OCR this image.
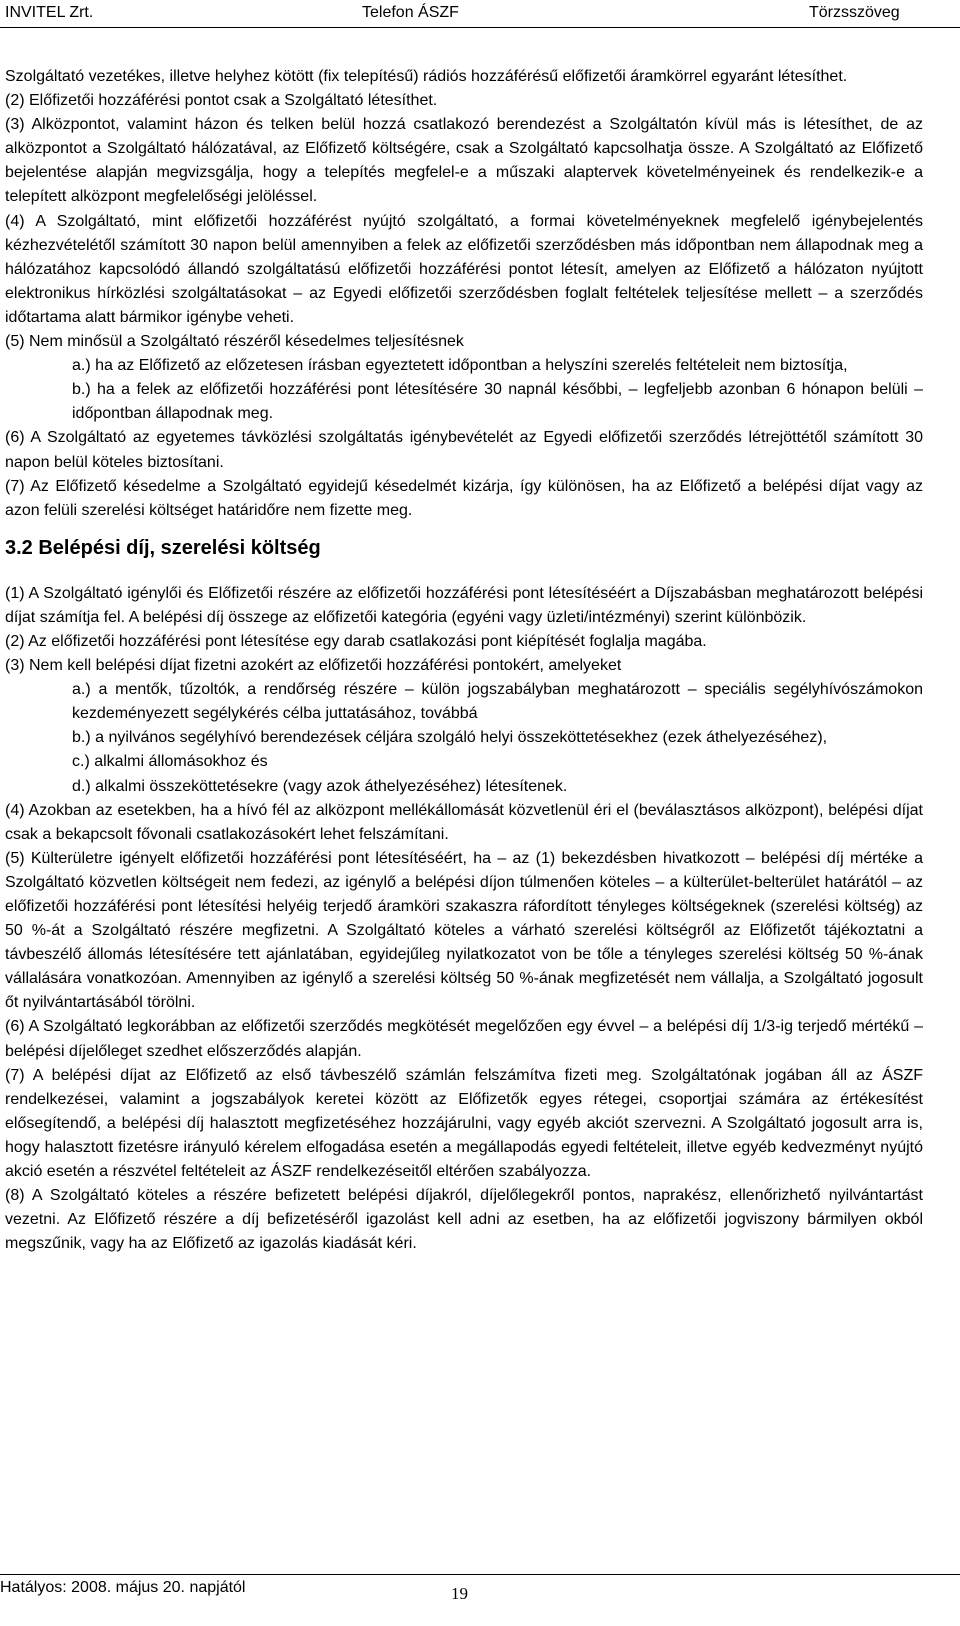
INVITEL Zrt.	Telefon ÁSZF	Törzsszöveg

Szolgáltató vezetékes, illetve helyhez kötött (fix telepítésű) rádiós hozzáférésű előfizetői áramkörrel egyaránt létesíthet.

(2) Előfizetői hozzáférési pontot csak a Szolgáltató létesíthet.

(3) Alközpontot, valamint házon és telken belül hozzá csatlakozó berendezést a Szolgáltatón kívül más is létesíthet, de az alközpontot a Szolgáltató hálózatával, az Előfizető költségére, csak a Szolgáltató kapcsolhatja össze. A Szolgáltató az Előfizető bejelentése alapján megvizsgálja, hogy a telepítés megfelel-e a műszaki alaptervek követelményeinek és rendelkezik-e a telepített alközpont megfelelőségi jelöléssel.

(4) A Szolgáltató, mint előfizetői hozzáférést nyújtó szolgáltató, a formai követelményeknek megfelelő igénybejelentés kézhezvételétől számított 30 napon belül amennyiben a felek az előfizetői szerződésben más időpontban nem állapodnak meg a hálózatához kapcsolódó állandó szolgáltatású előfizetői hozzáférési pontot létesít, amelyen az Előfizető a hálózaton nyújtott elektronikus hírközlési szolgáltatásokat – az Egyedi előfizetői szerződésben foglalt feltételek teljesítése mellett – a szerződés időtartama alatt bármikor igénybe veheti.

(5) Nem minősül a Szolgáltató részéről késedelmes teljesítésnek

a.) ha az Előfizető az előzetesen írásban egyeztetett időpontban a helyszíni szerelés feltételeit nem biztosítja,

b.) ha a felek az előfizetői hozzáférési pont létesítésére 30 napnál későbbi, – legfeljebb azonban 6 hónapon belüli – időpontban állapodnak meg.

(6) A Szolgáltató az egyetemes távközlési szolgáltatás igénybevételét az Egyedi előfizetői szerződés létrejöttétől számított 30 napon belül köteles biztosítani.

(7) Az Előfizető késedelme a Szolgáltató egyidejű késedelmét kizárja, így különösen, ha az Előfizető a belépési díjat vagy az azon felüli szerelési költséget határidőre nem fizette meg.

3.2 Belépési díj, szerelési költség

(1) A Szolgáltató igénylői és Előfizetői részére az előfizetői hozzáférési pont létesítéséért a Díjszabásban meghatározott belépési díjat számítja fel. A belépési díj összege az előfizetői kategória (egyéni vagy üzleti/intézményi) szerint különbözik.

(2) Az előfizetői hozzáférési pont létesítése egy darab csatlakozási pont kiépítését foglalja magába.

(3) Nem kell belépési díjat fizetni azokért az előfizetői hozzáférési pontokért, amelyeket

a.) a mentők, tűzoltók, a rendőrség részére – külön jogszabályban meghatározott – speciális segélyhívószámokon kezdeményezett segélykérés célba juttatásához, továbbá

b.) a nyilvános segélyhívó berendezések céljára szolgáló helyi összeköttetésekhez (ezek áthelyezéséhez),

c.) alkalmi állomásokhoz és

d.) alkalmi összeköttetésekre (vagy azok áthelyezéséhez) létesítenek.

(4) Azokban az esetekben, ha a hívó fél az alközpont mellékállomását közvetlenül éri el (beválasztásos alközpont), belépési díjat csak a bekapcsolt fővonali csatlakozásokért lehet felszámítani.

(5) Külterületre igényelt előfizetői hozzáférési pont létesítéséért, ha – az (1) bekezdésben hivatkozott – belépési díj mértéke a Szolgáltató közvetlen költségeit nem fedezi, az igénylő a belépési díjon túlmenően köteles – a külterület-belterület határától – az előfizetői hozzáférési pont létesítési helyéig terjedő áramköri szakaszra ráfordított tényleges költségeknek (szerelési költség) az 50 %-át a Szolgáltató részére megfizetni. A Szolgáltató köteles a várható szerelési költségről az Előfizetőt tájékoztatni a távbeszélő állomás létesítésére tett ajánlatában, egyidejűleg nyilatkozatot von be tőle a tényleges szerelési költség 50 %-ának vállalására vonatkozóan. Amennyiben az igénylő a szerelési költség 50 %-ának megfizetését nem vállalja, a Szolgáltató jogosult őt nyilvántartásából törölni.

(6) A Szolgáltató legkorábban az előfizetői szerződés megkötését megelőzően egy évvel – a belépési díj 1/3-ig terjedő mértékű – belépési díjelőleget szedhet előszerződés alapján.

(7) A belépési díjat az Előfizető az első távbeszélő számlán felszámítva fizeti meg. Szolgáltatónak jogában áll az ÁSZF rendelkezései, valamint a jogszabályok keretei között az Előfizetők egyes rétegei, csoportjai számára az értékesítést elősegítendő, a belépési díj halasztott megfizetéséhez hozzájárulni, vagy egyéb akciót szervezni. A Szolgáltató jogosult arra is, hogy halasztott fizetésre irányuló kérelem elfogadása esetén a megállapodás egyedi feltételeit, illetve egyéb kedvezményt nyújtó akció esetén a részvétel feltételeit az ÁSZF rendelkezéseitől eltérően szabályozza.

(8) A Szolgáltató köteles a részére befizetett belépési díjakról, díjelőlegekről pontos, naprakész, ellenőrizhető nyilvántartást vezetni. Az Előfizető részére a díj befizetéséről igazolást kell adni az esetben, ha az előfizetői jogviszony bármilyen okból megszűnik, vagy ha az Előfizető az igazolás kiadását kéri.

Hatályos: 2008. május 20. napjától	19
